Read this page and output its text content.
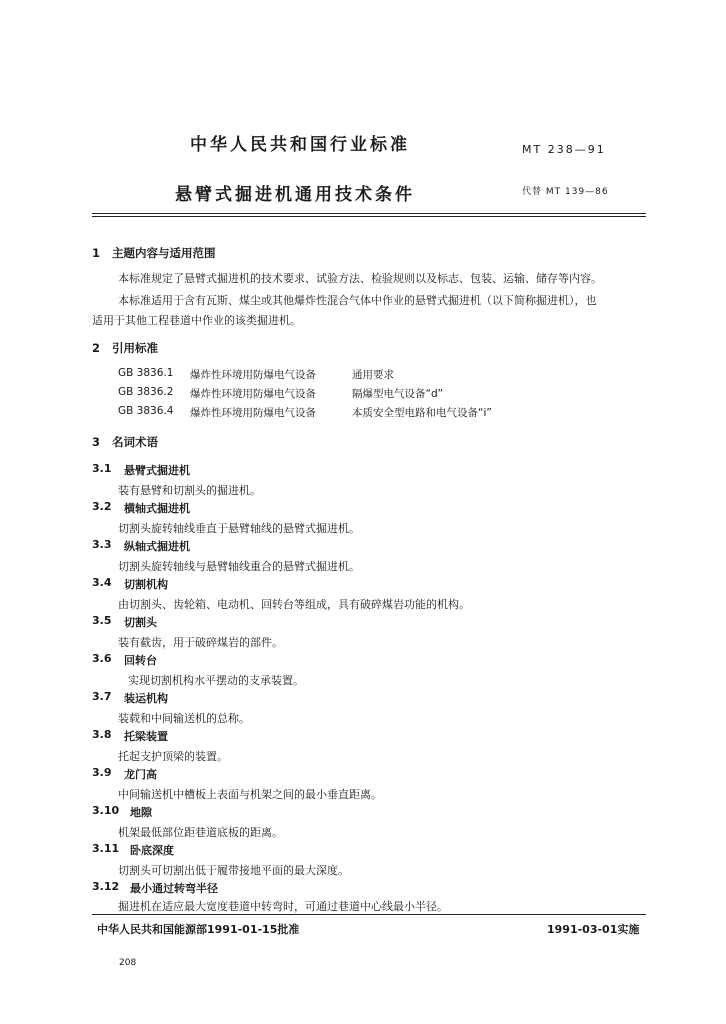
中华人民共和国行业标准	MT 238—91
悬臂式掘进机通用技术条件	代替 MT 139—86
1 主题内容与适用范围
本标准规定了悬臂式掘进机的技术要求、试验方法、检验规则以及标志、包装、运输、储存等内容。
本标准适用于含有瓦斯、煤尘或其他爆炸性混合气体中作业的悬臂式掘进机（以下简称掘进机），也
适用于其他工程巷道中作业的该类掘进机。
2 引用标准
GB 3836.1 爆炸性环境用防爆电气设备	通用要求
GB 3836.2 爆炸性环境用防爆电气设备	隔爆型电气设备“d”
GB 3836.4 爆炸性环境用防爆电气设备	本质安全型电路和电气设备“i”
3 名词术语
3.1 悬臂式掘进机
装有悬臂和切割头的掘进机。
3.2 横轴式掘进机
切割头旋转轴线垂直于悬臂轴线的悬臂式掘进机。
3.3 纵轴式掘进机
切割头旋转轴线与悬臂轴线重合的悬臂式掘进机。
3.4 切割机构
由切割头、齿轮箱、电动机、回转台等组成，具有破碎煤岩功能的机构。
3.5 切割头
装有截齿，用于破碎煤岩的部件。
3.6 回转台
实现切割机构水平摆动的支承装置。
3.7 装运机构
装载和中间输送机的总称。
3.8 托梁装置
托起支护顶梁的装置。
3.9 龙门高
中间输送机中槽板上表面与机架之间的最小垂直距离。
3.10 地隙
机架最低部位距巷道底板的距离。
3.11 卧底深度
切割头可切割出低于履带接地平面的最大深度。
3.12 最小通过转弯半径
掘进机在适应最大宽度巷道中转弯时，可通过巷道中心线最小半径。
中华人民共和国能源部1991-01-15批准	1991-03-01实施
208
